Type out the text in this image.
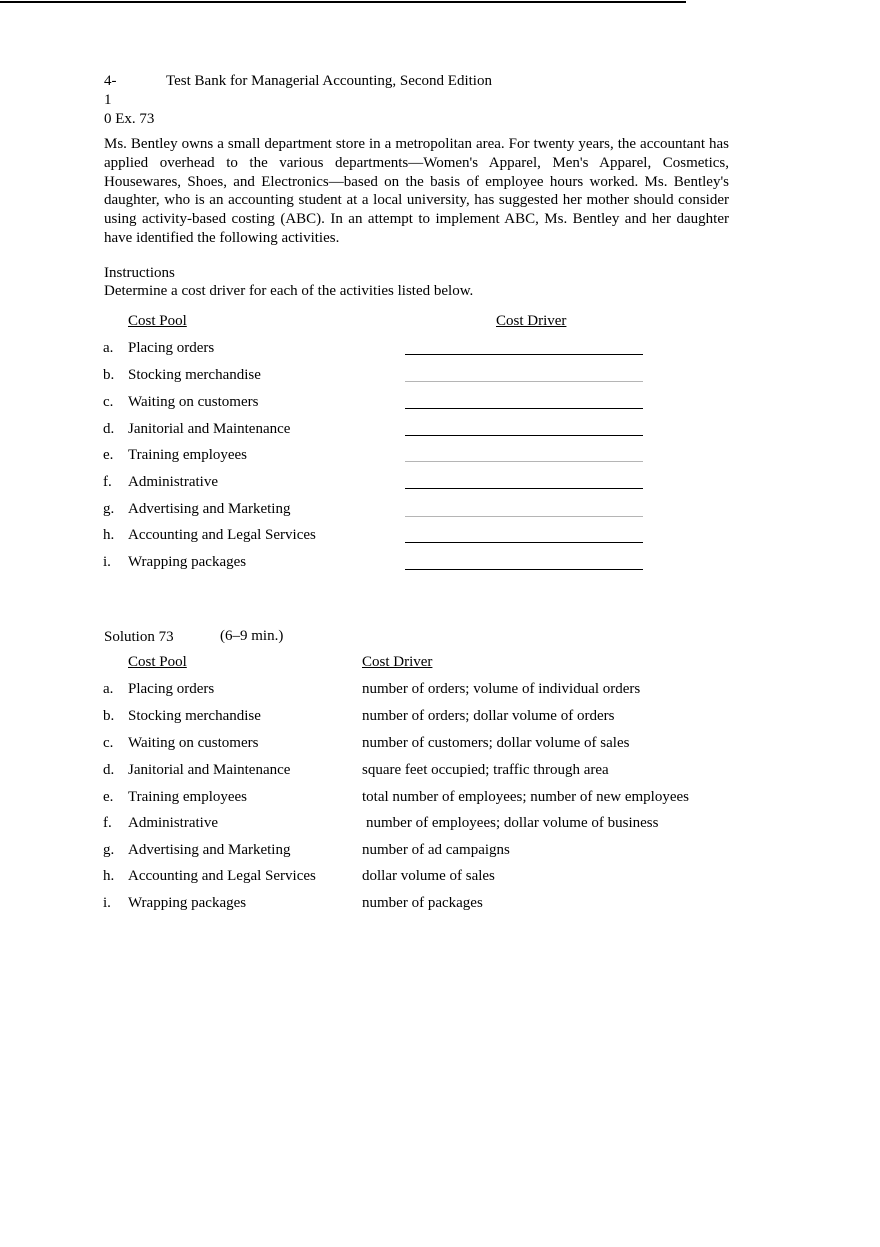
4-
1
0 Ex. 73
Test Bank for Managerial Accounting, Second Edition
Ms. Bentley owns a small department store in a metropolitan area. For twenty years, the accountant has applied overhead to the various departments—Women's Apparel, Men's Apparel, Cosmetics, Housewares, Shoes, and Electronics—based on the basis of employee hours worked. Ms. Bentley's daughter, who is an accounting student at a local university, has suggested her mother should consider using activity-based costing (ABC). In an attempt to implement ABC, Ms. Bentley and her daughter have identified the following activities.
Instructions
Determine a cost driver for each of the activities listed below.
Cost Pool	Cost Driver
a. Placing orders
b. Stocking merchandise
c. Waiting on customers
d. Janitorial and Maintenance
e. Training employees
f. Administrative
g. Advertising and Marketing
h. Accounting and Legal Services
i. Wrapping packages
Solution 73	(6–9 min.)
Cost Pool	Cost Driver
a. Placing orders	number of orders; volume of individual orders
b. Stocking merchandise	number of orders; dollar volume of orders
c. Waiting on customers	number of customers; dollar volume of sales
d. Janitorial and Maintenance	square feet occupied; traffic through area
e. Training employees	total number of employees; number of new employees
f. Administrative	number of employees; dollar volume of business
g. Advertising and Marketing	number of ad campaigns
h. Accounting and Legal Services	dollar volume of sales
i. Wrapping packages	number of packages
